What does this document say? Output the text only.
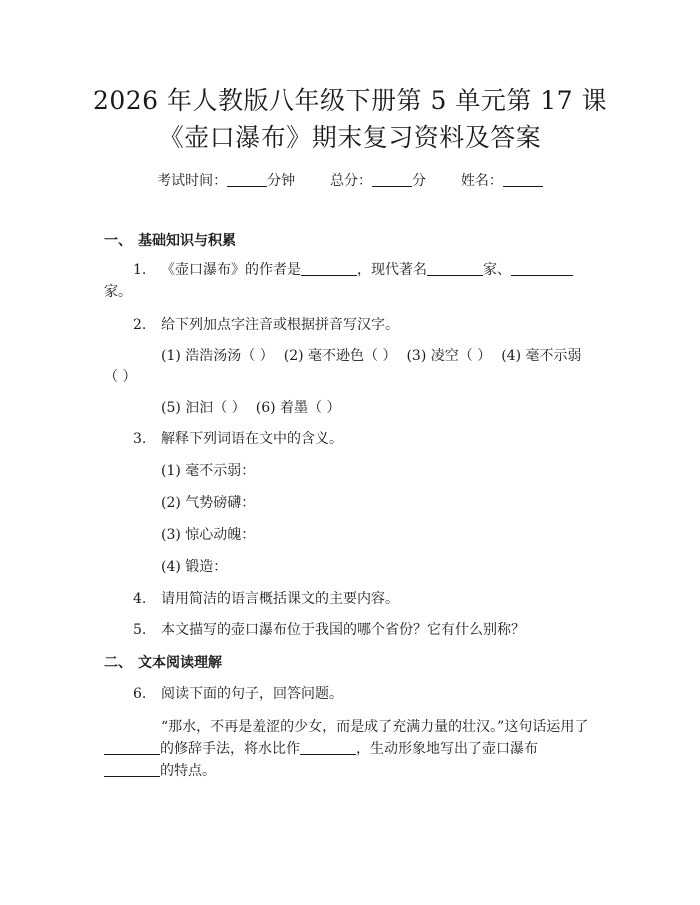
2026 年人教版八年级下册第 5 单元第 17 课
《壶口瀑布》期末复习资料及答案
考试时间：	分钟 总分：	分 姓名：
一、 基础知识与积累
1. 《壶口瀑布》的作者是	，现代著名	家、
家。
2. 给下列加点字注音或根据拼音写汉字。
(1) 浩浩汤汤（ ） (2) 毫不逊色（ ） (3) 凌空（ ） (4) 毫不示弱
（ ）
(5) 汩汩（ ） (6) 着墨（ ）
3. 解释下列词语在文中的含义。
(1) 毫不示弱：
(2) 气势磅礴：
(3) 惊心动魄：
(4) 锻造：
4. 请用简洁的语言概括课文的主要内容。
5. 本文描写的壶口瀑布位于我国的哪个省份？它有什么别称？
二、 文本阅读理解
6. 阅读下面的句子，回答问题。
“那水，不再是羞涩的少女，而是成了充满力量的壮汉。”这句话运用了
的修辞手法，将水比作	，生动形象地写出了壶口瀑布
的特点。
